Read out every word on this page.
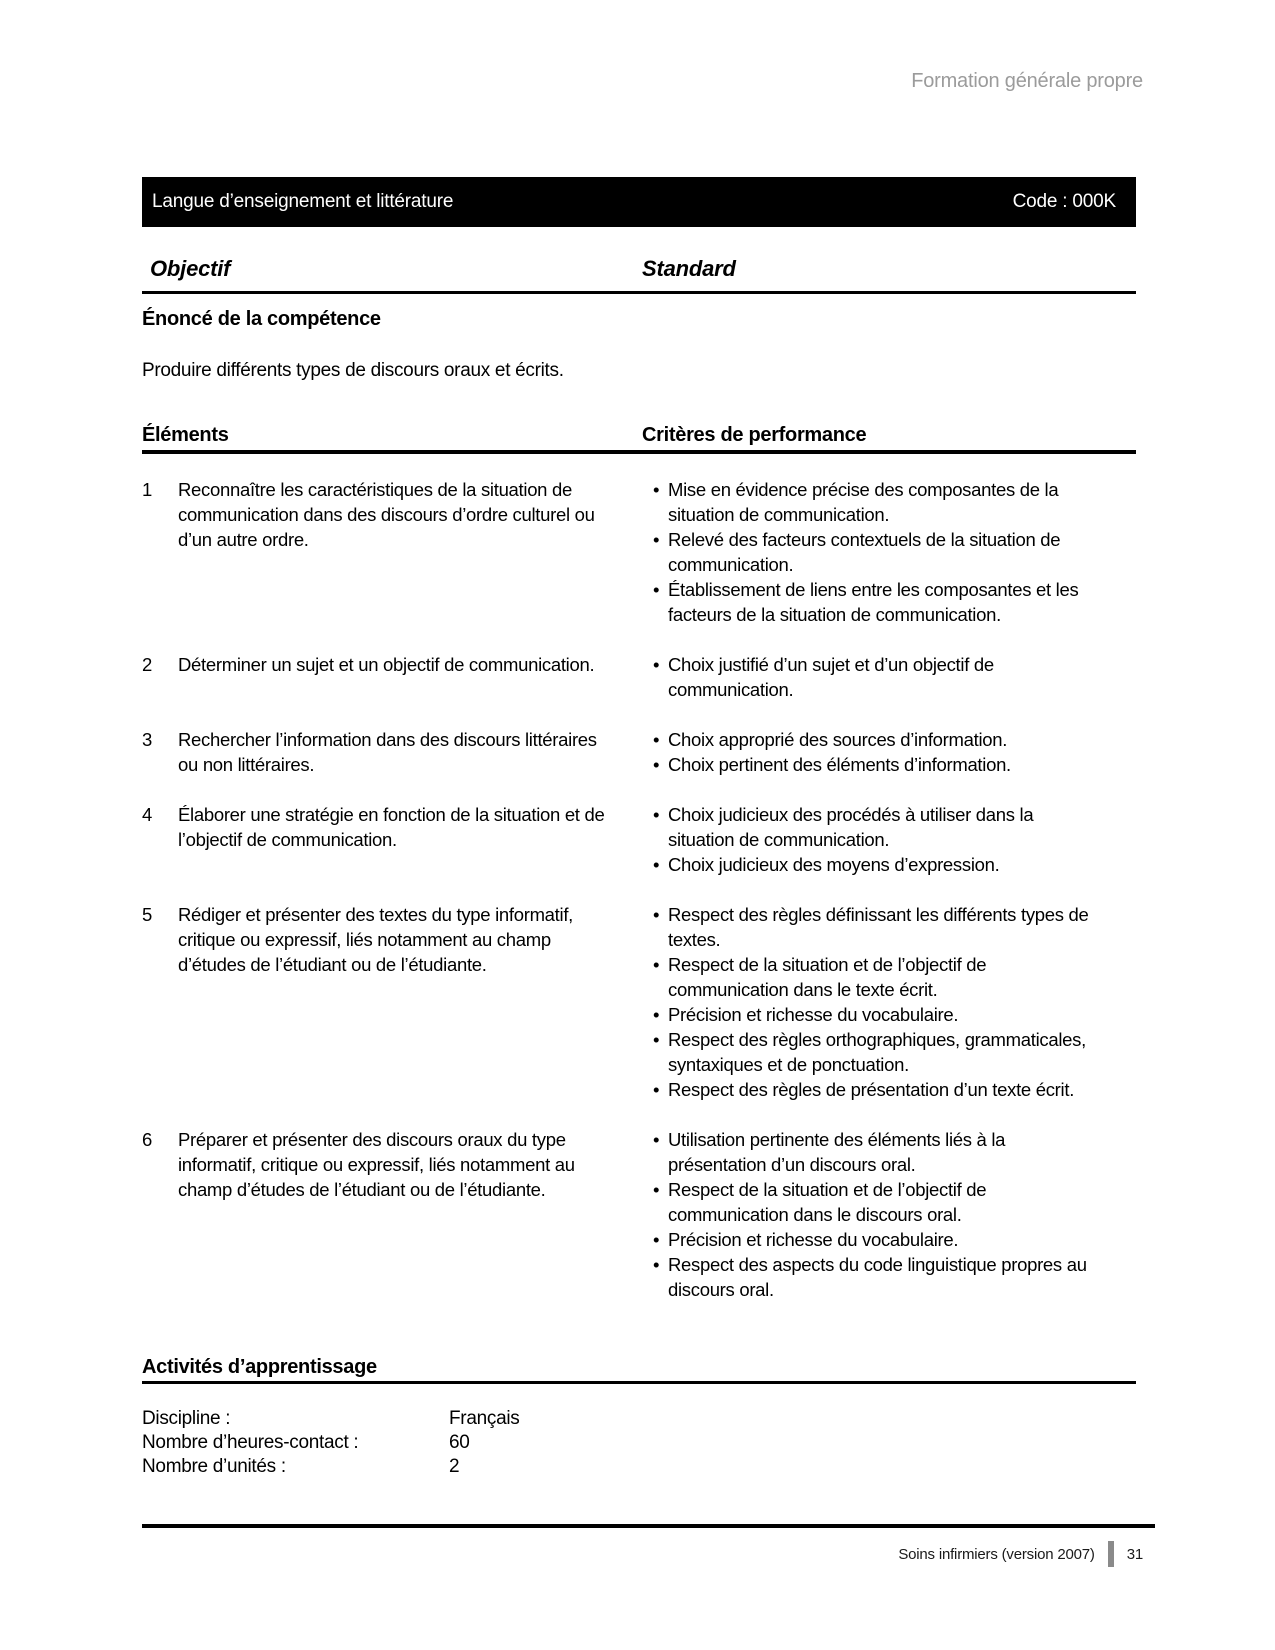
Formation générale propre
Langue d’enseignement et littérature	Code : 000K
Objectif	Standard
Énoncé de la compétence
Produire différents types de discours oraux et écrits.
Éléments	Critères de performance
1	Reconnaître les caractéristiques de la situation de communication dans des discours d’ordre culturel ou d’un autre ordre.
• Mise en évidence précise des composantes de la situation de communication.
• Relevé des facteurs contextuels de la situation de communication.
• Établissement de liens entre les composantes et les facteurs de la situation de communication.
2	Déterminer un sujet et un objectif de communication.	• Choix justifié d’un sujet et d’un objectif de communication.
3	Rechercher l’information dans des discours littéraires ou non littéraires.
• Choix approprié des sources d’information.
• Choix pertinent des éléments d’information.
4	Élaborer une stratégie en fonction de la situation et de l’objectif de communication.
• Choix judicieux des procédés à utiliser dans la situation de communication.
• Choix judicieux des moyens d’expression.
5	Rédiger et présenter des textes du type informatif, critique ou expressif, liés notamment au champ d’études de l’étudiant ou de l’étudiante.
• Respect des règles définissant les différents types de textes.
• Respect de la situation et de l’objectif de communication dans le texte écrit.
• Précision et richesse du vocabulaire.
• Respect des règles orthographiques, grammaticales, syntaxiques et de ponctuation.
• Respect des règles de présentation d’un texte écrit.
6	Préparer et présenter des discours oraux du type informatif, critique ou expressif, liés notamment au champ d’études de l’étudiant ou de l’étudiante.
• Utilisation pertinente des éléments liés à la présentation d’un discours oral.
• Respect de la situation et de l’objectif de communication dans le discours oral.
• Précision et richesse du vocabulaire.
• Respect des aspects du code linguistique propres au discours oral.
Activités d’apprentissage
Discipline :	Français
Nombre d’heures-contact :	60
Nombre d’unités :	2
Soins infirmiers (version 2007) 31
